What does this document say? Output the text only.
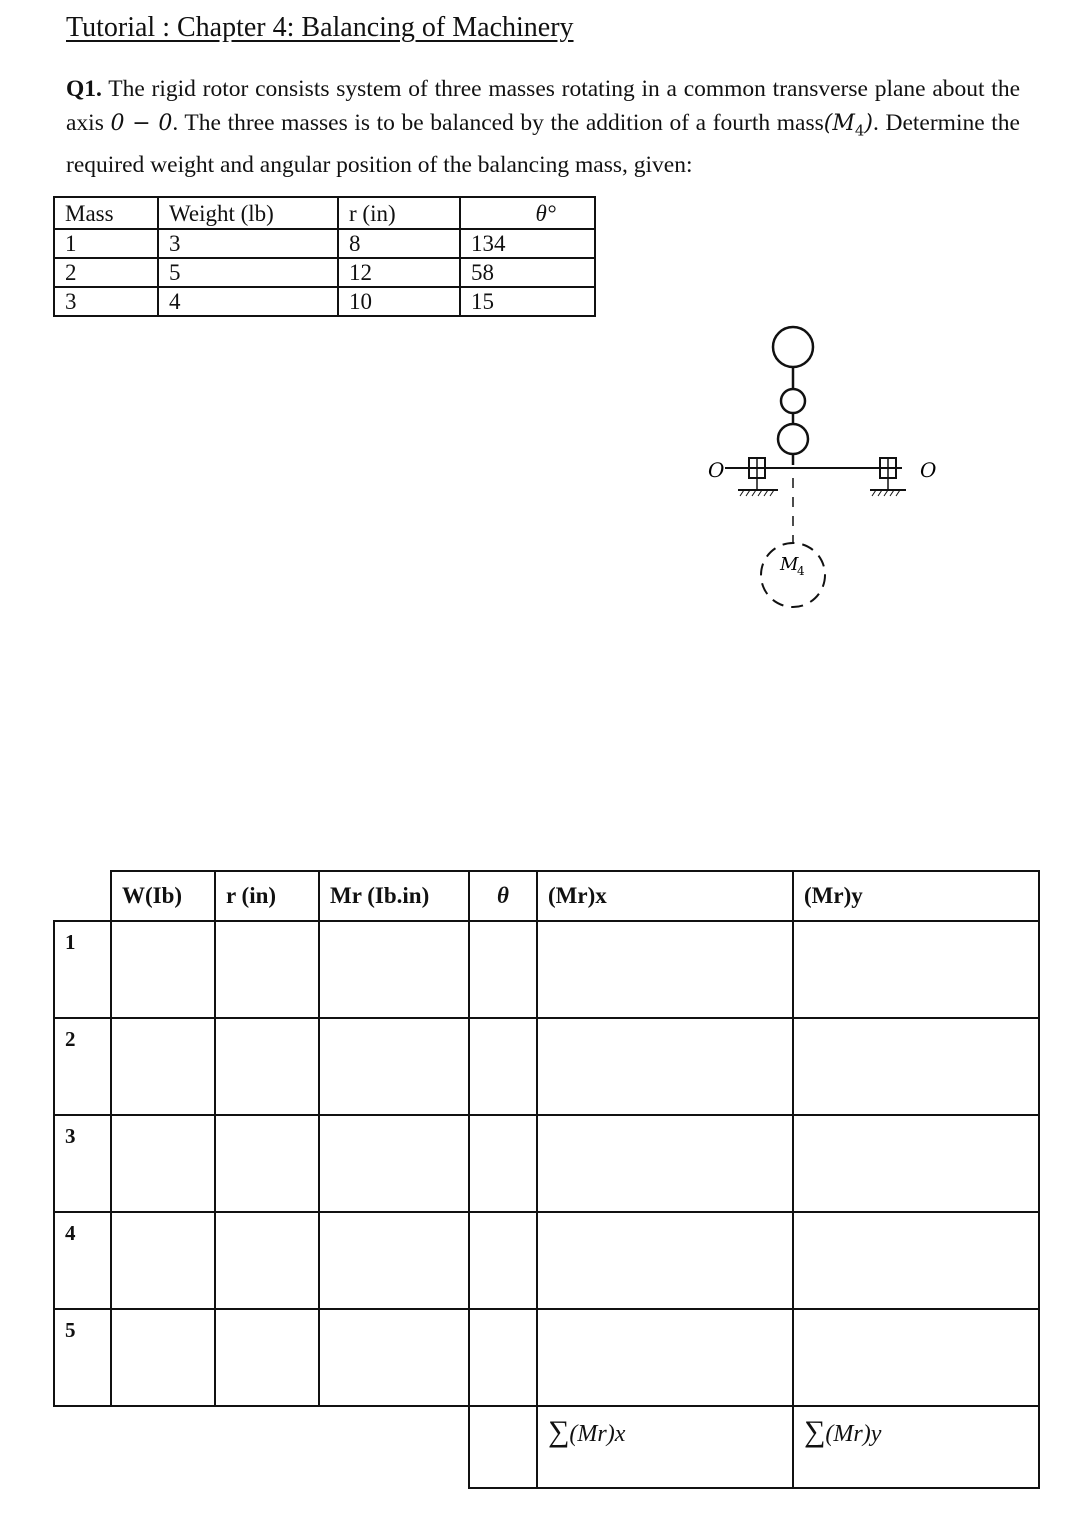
Tutorial : Chapter 4: Balancing of Machinery

Q1. The rigid rotor consists system of three masses rotating in a common transverse plane about the axis 0 − 0. The three masses is to be balanced by the addition of a fourth $mass(M_4)$. Determine the required weight and angular position of the balancing mass, given:

Mass	Weight (lb)	r (in)	θ°
1	3	8	134
2	5	12	58
3	4	10	15
O	O
M
4
	W(Ib)	r (in)	Mr (Ib.in)	θ	(Mr)x	(Mr)y
1						
2						
3						
4						
5						
					∑(Mr)x	∑(Mr)y
